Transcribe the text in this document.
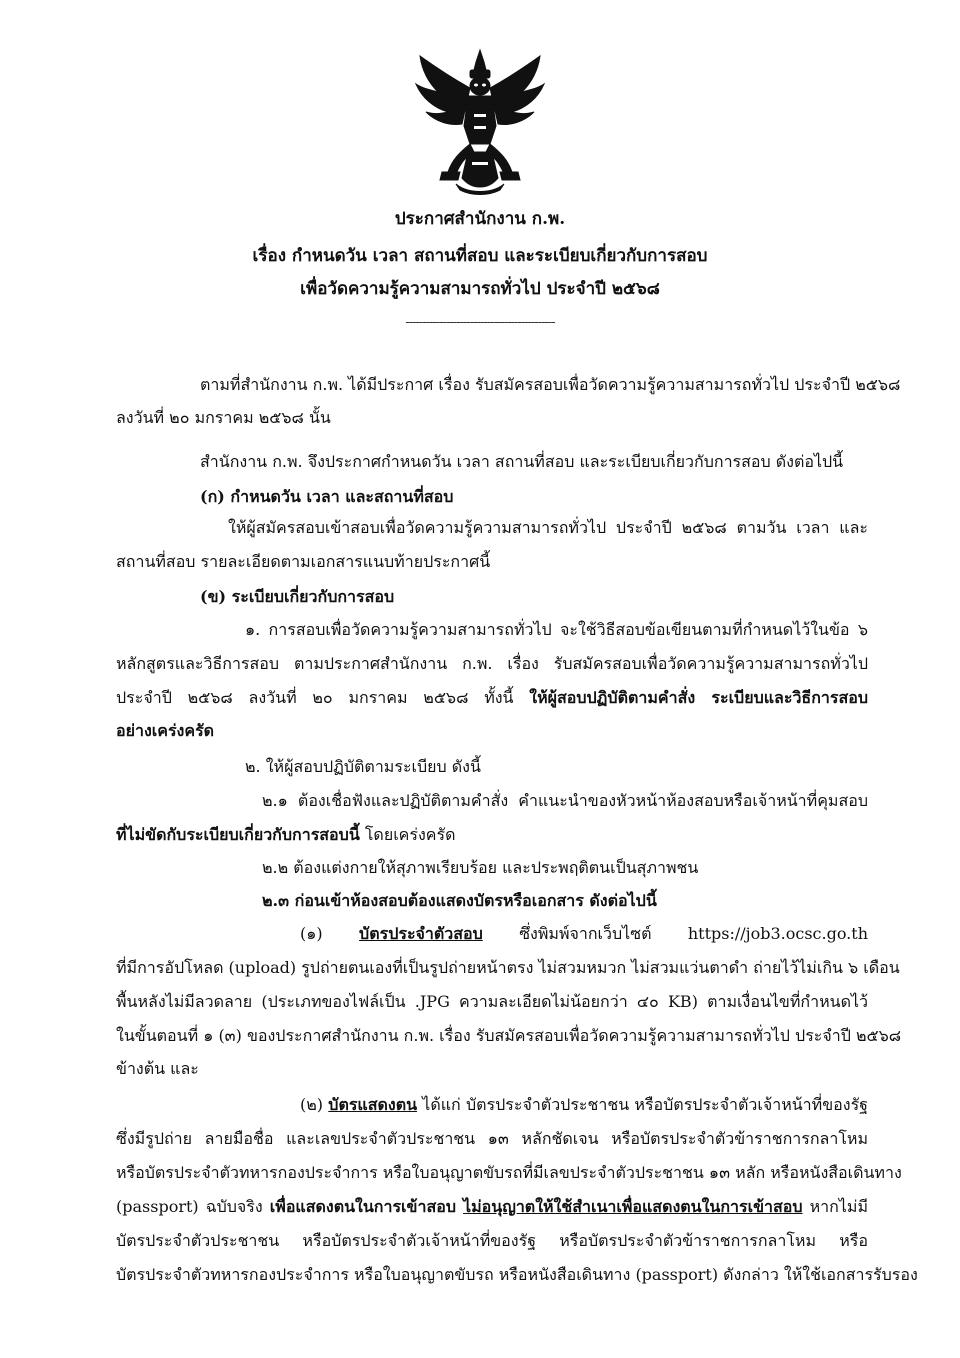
ประกาศสำนักงาน ก.พ.
เรื่อง กำหนดวัน เวลา สถานที่สอบ และระเบียบเกี่ยวกับการสอบ
เพื่อวัดความรู้ความสามารถทั่วไป ประจำปี ๒๕๖๘
--------------------------------------------
ตามที่สำนักงาน ก.พ. ได้มีประกาศ เรื่อง รับสมัครสอบเพื่อวัดความรู้ความสามารถทั่วไป ประจำปี ๒๕๖๘
ลงวันที่ ๒๐ มกราคม ๒๕๖๘ นั้น
สำนักงาน ก.พ. จึงประกาศกำหนดวัน เวลา สถานที่สอบ และระเบียบเกี่ยวกับการสอบ ดังต่อไปนี้
(ก) กำหนดวัน เวลา และสถานที่สอบ
ให้ผู้สมัครสอบเข้าสอบเพื่อวัดความรู้ความสามารถทั่วไป ประจำปี ๒๕๖๘ ตามวัน เวลา และ
สถานที่สอบ รายละเอียดตามเอกสารแนบท้ายประกาศนี้
(ข) ระเบียบเกี่ยวกับการสอบ
๑. การสอบเพื่อวัดความรู้ความสามารถทั่วไป จะใช้วิธีสอบข้อเขียนตามที่กำหนดไว้ในข้อ ๖
หลักสูตรและวิธีการสอบ ตามประกาศสำนักงาน ก.พ. เรื่อง รับสมัครสอบเพื่อวัดความรู้ความสามารถทั่วไป
ประจำปี ๒๕๖๘ ลงวันที่ ๒๐ มกราคม ๒๕๖๘ ทั้งนี้ ให้ผู้สอบปฏิบัติตามคำสั่ง ระเบียบและวิธีการสอบ
อย่างเคร่งครัด
๒. ให้ผู้สอบปฏิบัติตามระเบียบ ดังนี้
๒.๑ ต้องเชื่อฟังและปฏิบัติตามคำสั่ง คำแนะนำของหัวหน้าห้องสอบหรือเจ้าหน้าที่คุมสอบ
ที่ไม่ขัดกับระเบียบเกี่ยวกับการสอบนี้ โดยเคร่งครัด
๒.๒ ต้องแต่งกายให้สุภาพเรียบร้อย และประพฤติตนเป็นสุภาพชน
๒.๓ ก่อนเข้าห้องสอบต้องแสดงบัตรหรือเอกสาร ดังต่อไปนี้
(๑) บัตรประจำตัวสอบ ซึ่งพิมพ์จากเว็บไซต์ https://job3.ocsc.go.th
ที่มีการอัปโหลด (upload) รูปถ่ายตนเองที่เป็นรูปถ่ายหน้าตรง ไม่สวมหมวก ไม่สวมแว่นตาดำ ถ่ายไว้ไม่เกิน ๖ เดือน
พื้นหลังไม่มีลวดลาย (ประเภทของไฟล์เป็น .JPG ความละเอียดไม่น้อยกว่า ๔๐ KB) ตามเงื่อนไขที่กำหนดไว้
ในขั้นตอนที่ ๑ (๓) ของประกาศสำนักงาน ก.พ. เรื่อง รับสมัครสอบเพื่อวัดความรู้ความสามารถทั่วไป ประจำปี ๒๕๖๘
ข้างต้น และ
(๒) บัตรแสดงตน ได้แก่ บัตรประจำตัวประชาชน หรือบัตรประจำตัวเจ้าหน้าที่ของรัฐ
ซึ่งมีรูปถ่าย ลายมือชื่อ และเลขประจำตัวประชาชน ๑๓ หลักชัดเจน หรือบัตรประจำตัวข้าราชการกลาโหม
หรือบัตรประจำตัวทหารกองประจำการ หรือใบอนุญาตขับรถที่มีเลขประจำตัวประชาชน ๑๓ หลัก หรือหนังสือเดินทาง
(passport) ฉบับจริง เพื่อแสดงตนในการเข้าสอบ ไม่อนุญาตให้ใช้สำเนาเพื่อแสดงตนในการเข้าสอบ หากไม่มี
บัตรประจำตัวประชาชน หรือบัตรประจำตัวเจ้าหน้าที่ของรัฐ หรือบัตรประจำตัวข้าราชการกลาโหม หรือ
บัตรประจำตัวทหารกองประจำการ หรือใบอนุญาตขับรถ หรือหนังสือเดินทาง (passport) ดังกล่าว ให้ใช้เอกสารรับรอง
